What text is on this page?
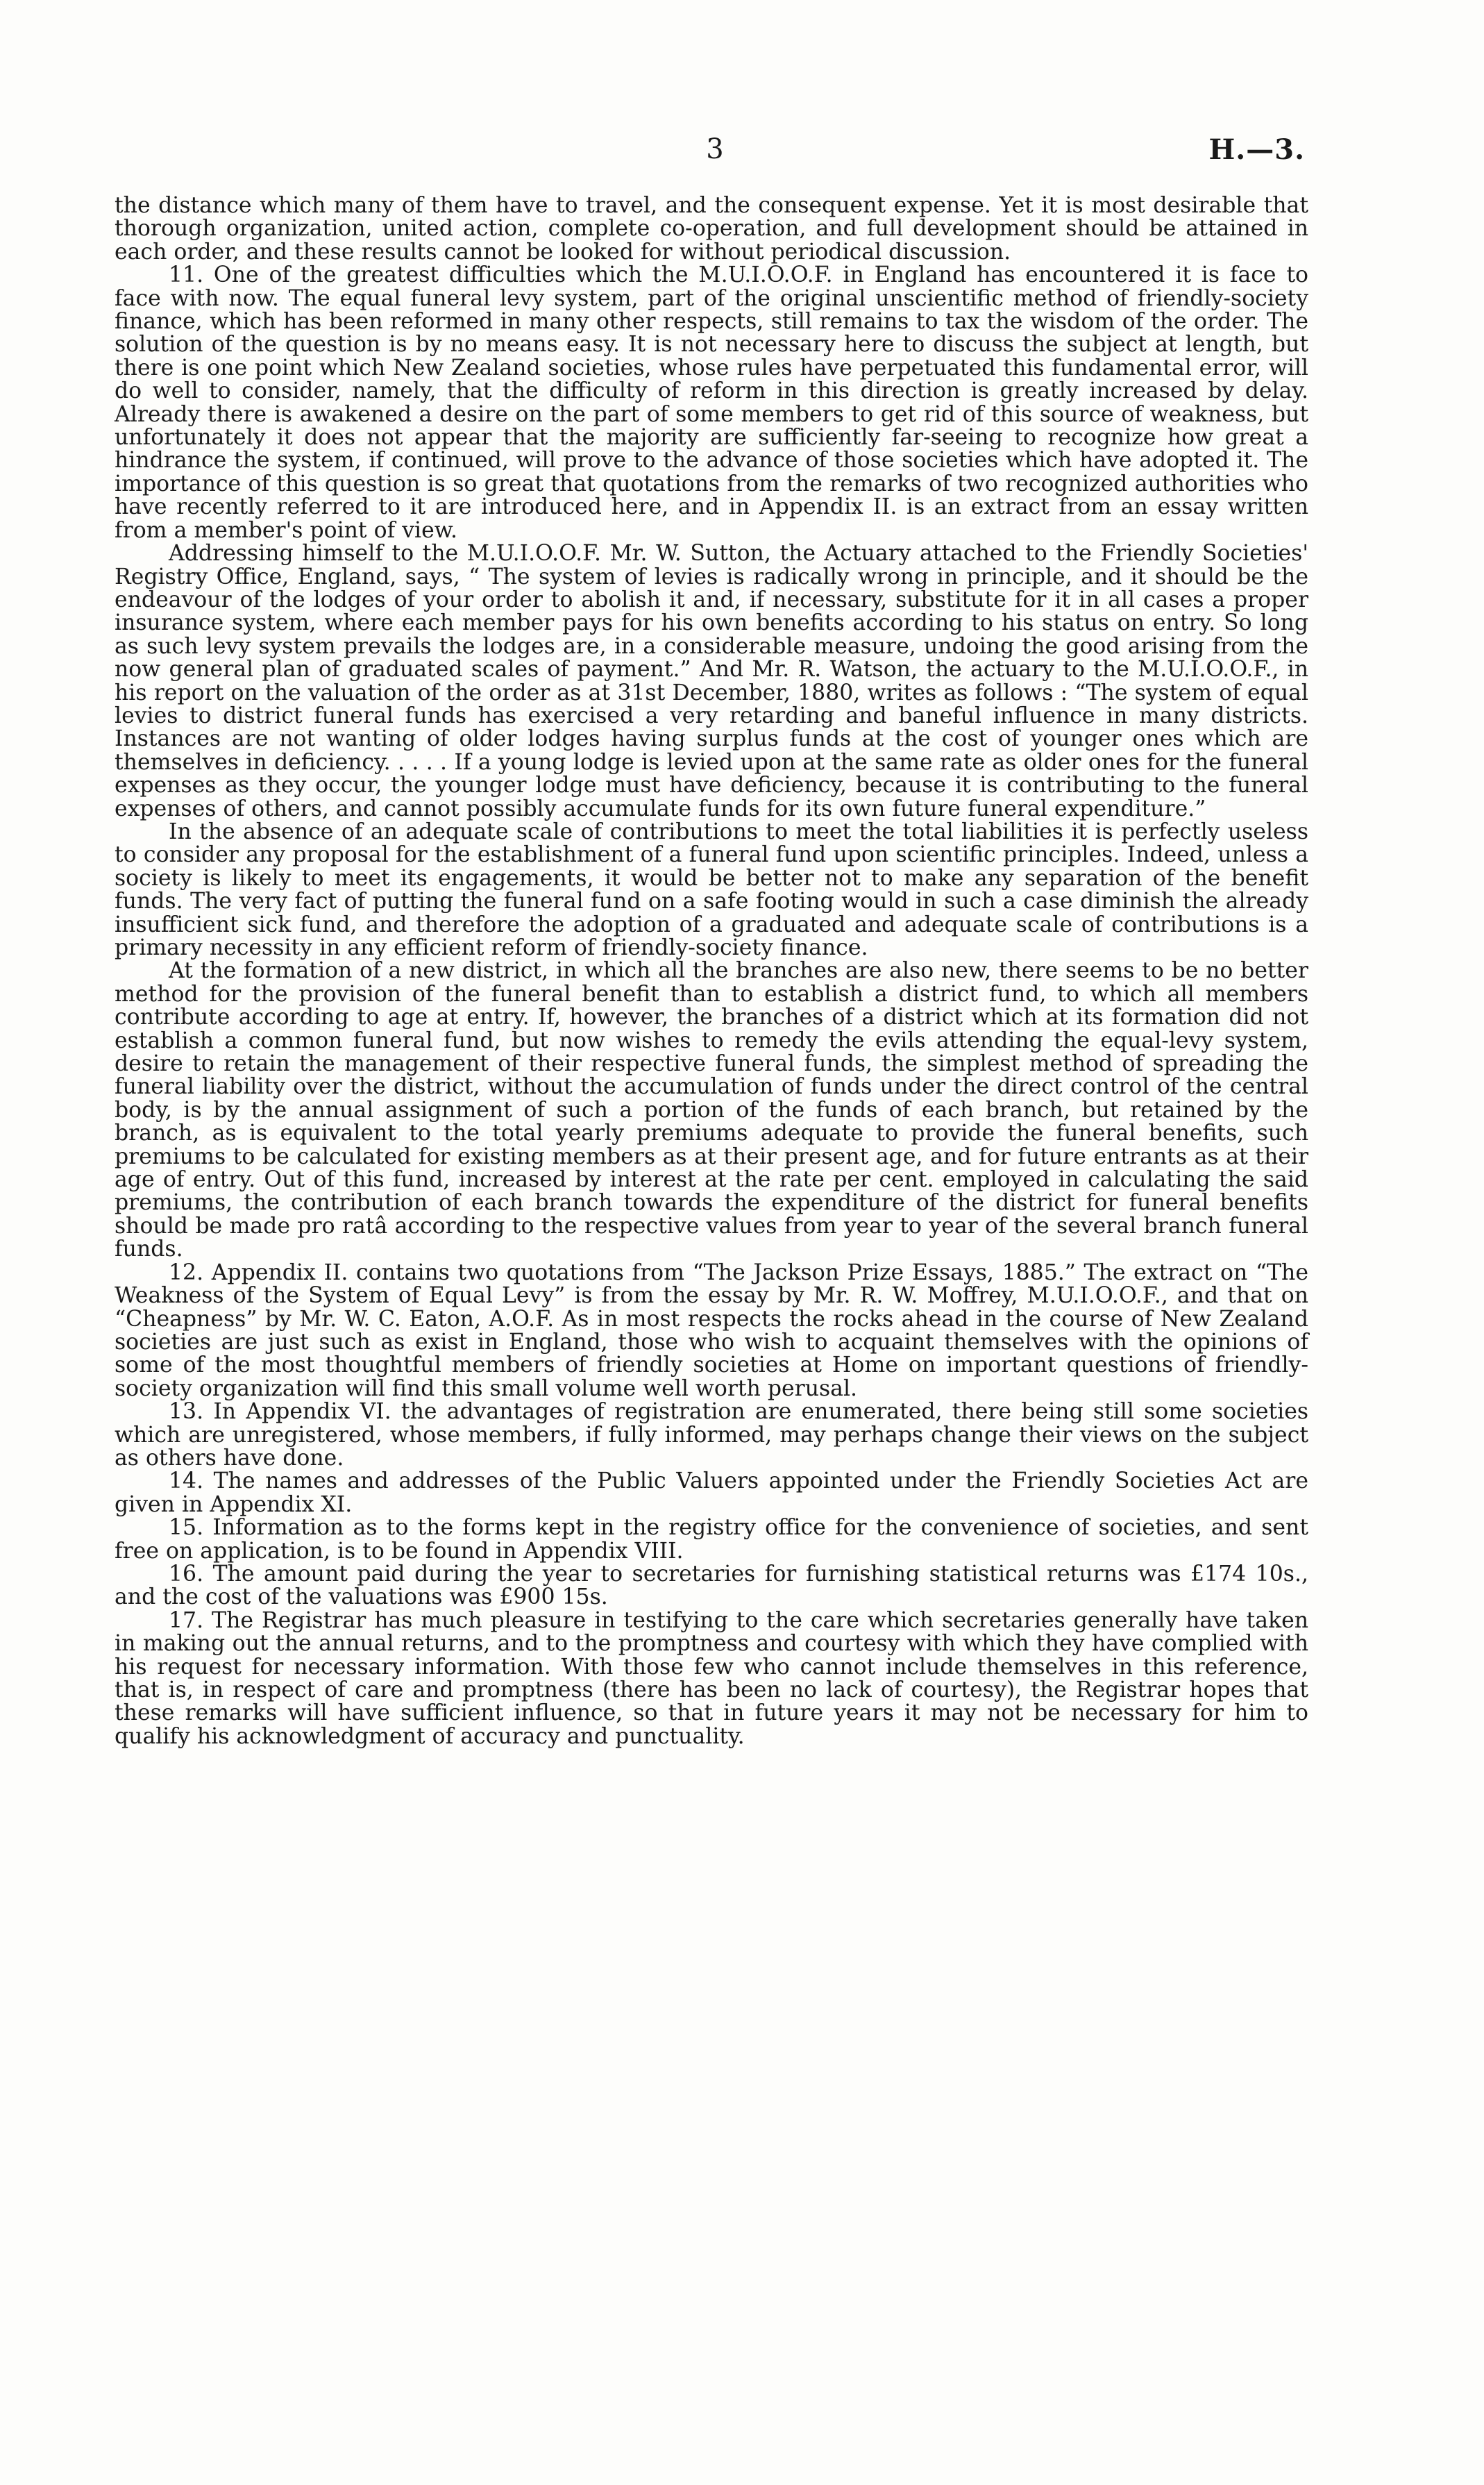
3	H.—3.

the distance which many of them have to travel, and the consequent expense. Yet it is most desirable that thorough organization, united action, complete co-operation, and full development should be attained in each order, and these results cannot be looked for without periodical discussion.

11. One of the greatest difficulties which the M.U.I.O.O.F. in England has encountered it is face to face with now. The equal funeral levy system, part of the original unscientific method of friendly-society finance, which has been reformed in many other respects, still remains to tax the wisdom of the order. The solution of the question is by no means easy. It is not necessary here to discuss the subject at length, but there is one point which New Zealand societies, whose rules have perpetuated this fundamental error, will do well to consider, namely, that the difficulty of reform in this direction is greatly increased by delay. Already there is awakened a desire on the part of some members to get rid of this source of weakness, but unfortunately it does not appear that the majority are sufficiently far-seeing to recognize how great a hindrance the system, if continued, will prove to the advance of those societies which have adopted it. The importance of this question is so great that quotations from the remarks of two recognized authorities who have recently referred to it are introduced here, and in Appendix II. is an extract from an essay written from a member's point of view.

Addressing himself to the M.U.I.O.O.F. Mr. W. Sutton, the Actuary attached to the Friendly Societies' Registry Office, England, says, “ The system of levies is radically wrong in principle, and it should be the endeavour of the lodges of your order to abolish it and, if necessary, substitute for it in all cases a proper insurance system, where each member pays for his own benefits according to his status on entry. So long as such levy system prevails the lodges are, in a considerable measure, undoing the good arising from the now general plan of graduated scales of payment.” And Mr. R. Watson, the actuary to the M.U.I.O.O.F., in his report on the valuation of the order as at 31st December, 1880, writes as follows : “The system of equal levies to district funeral funds has exercised a very retarding and baneful influence in many districts. Instances are not wanting of older lodges having surplus funds at the cost of younger ones which are themselves in deficiency. . . . . If a young lodge is levied upon at the same rate as older ones for the funeral expenses as they occur, the younger lodge must have deficiency, because it is contributing to the funeral expenses of others, and cannot possibly accumulate funds for its own future funeral expenditure.”

In the absence of an adequate scale of contributions to meet the total liabilities it is perfectly useless to consider any proposal for the establishment of a funeral fund upon scientific principles. Indeed, unless a society is likely to meet its engagements, it would be better not to make any separation of the benefit funds. The very fact of putting the funeral fund on a safe footing would in such a case diminish the already insufficient sick fund, and therefore the adoption of a graduated and adequate scale of contributions is a primary necessity in any efficient reform of friendly-society finance.

At the formation of a new district, in which all the branches are also new, there seems to be no better method for the provision of the funeral benefit than to establish a district fund, to which all members contribute according to age at entry. If, however, the branches of a district which at its formation did not establish a common funeral fund, but now wishes to remedy the evils attending the equal-levy system, desire to retain the management of their respective funeral funds, the simplest method of spreading the funeral liability over the district, without the accumulation of funds under the direct control of the central body, is by the annual assignment of such a portion of the funds of each branch, but retained by the branch, as is equivalent to the total yearly premiums adequate to provide the funeral benefits, such premiums to be calculated for existing members as at their present age, and for future entrants as at their age of entry. Out of this fund, increased by interest at the rate per cent. employed in calculating the said premiums, the contribution of each branch towards the expenditure of the district for funeral benefits should be made pro ratâ according to the respective values from year to year of the several branch funeral funds.

12. Appendix II. contains two quotations from “The Jackson Prize Essays, 1885.” The extract on “The Weakness of the System of Equal Levy” is from the essay by Mr. R. W. Moffrey, M.U.I.O.O.F., and that on “Cheapness” by Mr. W. C. Eaton, A.O.F. As in most respects the rocks ahead in the course of New Zealand societies are just such as exist in England, those who wish to acquaint themselves with the opinions of some of the most thoughtful members of friendly societies at Home on important questions of friendly-society organization will find this small volume well worth perusal.

13. In Appendix VI. the advantages of registration are enumerated, there being still some societies which are unregistered, whose members, if fully informed, may perhaps change their views on the subject as others have done.

14. The names and addresses of the Public Valuers appointed under the Friendly Societies Act are given in Appendix XI.

15. Information as to the forms kept in the registry office for the convenience of societies, and sent free on application, is to be found in Appendix VIII.

16. The amount paid during the year to secretaries for furnishing statistical returns was £174 10s., and the cost of the valuations was £900 15s.

17. The Registrar has much pleasure in testifying to the care which secretaries generally have taken in making out the annual returns, and to the promptness and courtesy with which they have complied with his request for necessary information. With those few who cannot include themselves in this reference, that is, in respect of care and promptness (there has been no lack of courtesy), the Registrar hopes that these remarks will have sufficient influence, so that in future years it may not be necessary for him to qualify his acknowledgment of accuracy and punctuality.
